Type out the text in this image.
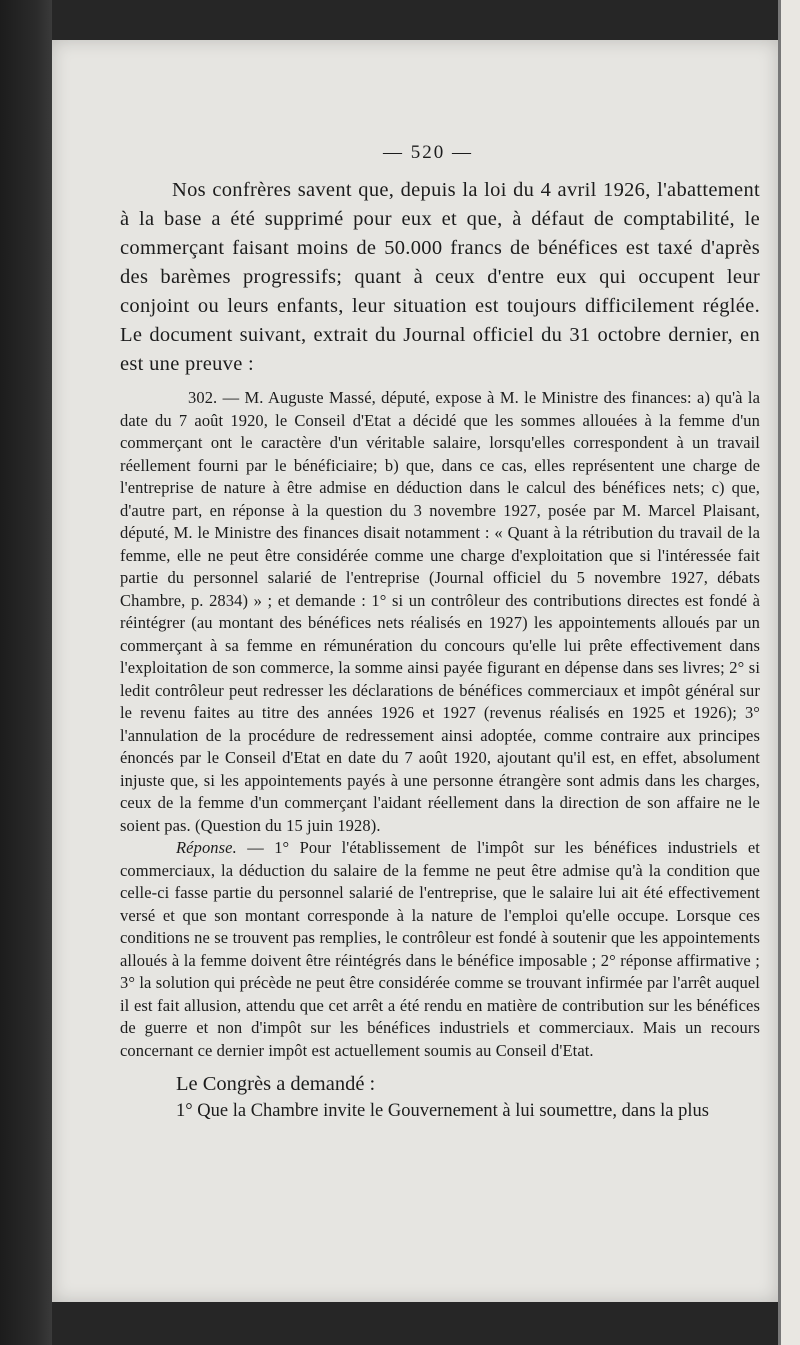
— 520 —

Nos confrères savent que, depuis la loi du 4 avril 1926, l'abattement à la base a été supprimé pour eux et que, à défaut de comptabilité, le commerçant faisant moins de 50.000 francs de bénéfices est taxé d'après des barèmes progressifs; quant à ceux d'entre eux qui occupent leur conjoint ou leurs enfants, leur situation est toujours difficilement réglée. Le document suivant, extrait du Journal officiel du 31 octobre dernier, en est une preuve :

302. — M. Auguste Massé, député, expose à M. le Ministre des finances: a) qu'à la date du 7 août 1920, le Conseil d'Etat a décidé que les sommes allouées à la femme d'un commerçant ont le caractère d'un véritable salaire, lorsqu'elles correspondent à un travail réellement fourni par le bénéficiaire; b) que, dans ce cas, elles représentent une charge de l'entreprise de nature à être admise en déduction dans le calcul des bénéfices nets; c) que, d'autre part, en réponse à la question du 3 novembre 1927, posée par M. Marcel Plaisant, député, M. le Ministre des finances disait notamment : « Quant à la rétribution du travail de la femme, elle ne peut être considérée comme une charge d'exploitation que si l'intéressée fait partie du personnel salarié de l'entreprise (Journal officiel du 5 novembre 1927, débats Chambre, p. 2834) » ; et demande : 1° si un contrôleur des contributions directes est fondé à réintégrer (au montant des bénéfices nets réalisés en 1927) les appointements alloués par un commerçant à sa femme en rémunération du concours qu'elle lui prête effectivement dans l'exploitation de son commerce, la somme ainsi payée figurant en dépense dans ses livres; 2° si ledit contrôleur peut redresser les déclarations de bénéfices commerciaux et impôt général sur le revenu faites au titre des années 1926 et 1927 (revenus réalisés en 1925 et 1926); 3° l'annulation de la procédure de redressement ainsi adoptée, comme contraire aux principes énoncés par le Conseil d'Etat en date du 7 août 1920, ajoutant qu'il est, en effet, absolument injuste que, si les appointements payés à une personne étrangère sont admis dans les charges, ceux de la femme d'un commerçant l'aidant réellement dans la direction de son affaire ne le soient pas. (Question du 15 juin 1928).

Réponse. — 1° Pour l'établissement de l'impôt sur les bénéfices industriels et commerciaux, la déduction du salaire de la femme ne peut être admise qu'à la condition que celle-ci fasse partie du personnel salarié de l'entreprise, que le salaire lui ait été effectivement versé et que son montant corresponde à la nature de l'emploi qu'elle occupe. Lorsque ces conditions ne se trouvent pas remplies, le contrôleur est fondé à soutenir que les appointements alloués à la femme doivent être réintégrés dans le bénéfice imposable ; 2° réponse affirmative ; 3° la solution qui précède ne peut être considérée comme se trouvant infirmée par l'arrêt auquel il est fait allusion, attendu que cet arrêt a été rendu en matière de contribution sur les bénéfices de guerre et non d'impôt sur les bénéfices industriels et commerciaux. Mais un recours concernant ce dernier impôt est actuellement soumis au Conseil d'Etat.

Le Congrès a demandé :

1° Que la Chambre invite le Gouvernement à lui soumettre, dans la plus
